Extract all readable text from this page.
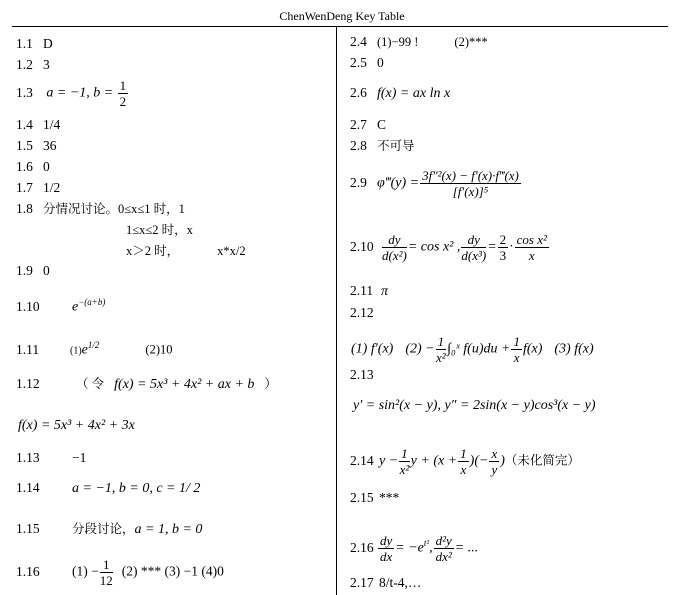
ChenWenDeng Key Table
1.1 D
1.2 3
1.3 a = −1, $b = \frac{1}{2}$
1.4 1/4
1.5 36
1.6 0
1.7 1/2
1.8 分情况讨论。0≤x≤1 时，1
1≤x≤2 时，x
x＞2 时，	x*x/2
1.9 0
1.10 $e^{-(a+b)}$
1.11	$(1)e^{1/2}$	(2)10
1.12	（ 令 f(x) = 5x³ + 4x² + ax + b ）
f(x) = 5x³ + 4x² + 3x
1.13 −1
1.14 a = −1, b = 0, c = 1/ 2
1.15	分段讨论，a = 1, b = 0
1.16 $(1) - \frac{1}{12} (2)$ *** (3) −1 (4)0
2.4 (1)−99 !	(2)***
2.5 0
2.6 f(x) = ax ln x
2.7 C
2.8 不可导
2.9 φ‴(y) = $\frac{\text{3f″²(x) − f′(x)·f‴(x)}}{\text{[f′(x)]⁵}}$
$2.10 \frac{dy}{\text{d(x²)}} = \cos x^2$ , $\frac{dy}{\text{d(x³)}} = \frac{2}{3} \cdot \frac{\text{cos x²}}{x}$
2.11 π
2.12
(1) f′(x) $(2) - \frac{1}{\text{x²}}$ ∫₀ˣ $f(u)du + \frac{1}{x} f(x)$ (3) f(x)
2.13
y′ = sin²(x − y), y″ = 2sin(x − y)cos³(x − y)
2.14 $y - \frac{1}{\text{x²}}$ $y + (x + \frac{1}{x}$ )(− $\frac{x}{y}$ )（未化简完）
2.15 ***
$2.16 \frac{dy}{dx} = -e^{t^2}$, $\frac{\text{d²y}}{\text{dx²}}$ = ...
2.17 8/t-4,…
